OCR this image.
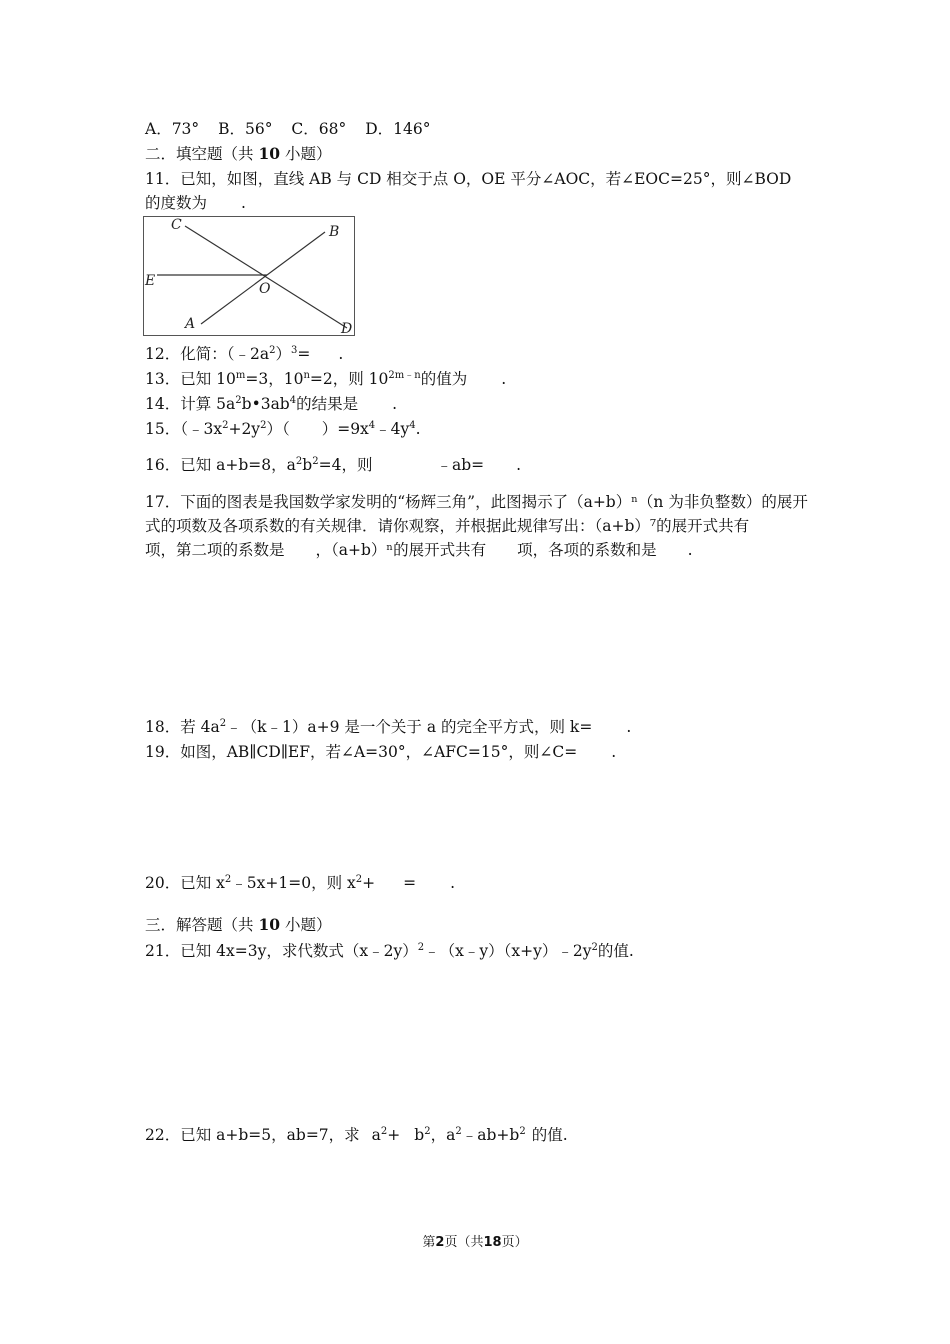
A．73° B．56° C．68° D．146°
二．填空题（共 10 小题）
11．已知，如图，直线 AB 与 CD 相交于点 O，OE 平分∠AOC，若∠EOC=25°，则∠BOD
的度数为 .
C	B
E	O
A	D
12．化简：$(﹣2a^2)^3=$ .
13．已知 $10^m=3$，$10^n=2$，则 $10^{2m﹣n}$的值为 .
14．计算 $5a^2b•3ab^4$的结果是 .
15．$(﹣3x^2+2y^2)$（ ）$=9x^4﹣4y^4$.
16．已知 a+b=8，$a^2b^2=4$，则	﹣ab= .
17．下面的图表是我国数学家发明的“杨辉三角”，此图揭示了（a+b）ⁿ（n 为非负整数）的展开式的项数及各项系数的有关规律．请你观察，并根据此规律写出：（a+b）⁷的展开式共有　　项，第二项的系数是　　，（a+b）ⁿ的展开式共有　　项，各项的系数和是　　.
18．若 $4a^2﹣(k﹣1)a+9$ 是一个关于 a 的完全平方式，则 k= .
19．如图，AB∥CD∥EF，若∠A=30°，∠AFC=15°，则∠C= .
20．已知 $x^2﹣5x+1=0$，则 $x^2+$ = .
三．解答题（共 10 小题）
21．已知 4x=3y，求代数式$(x﹣2y)^2﹣(x﹣y)(x+y)﹣2y^2$的值.
22．已知 a+b=5，ab=7，求 $a^2+ b^2$，$a^2﹣ab+b^2$ 的值.
第2页（共18页）
